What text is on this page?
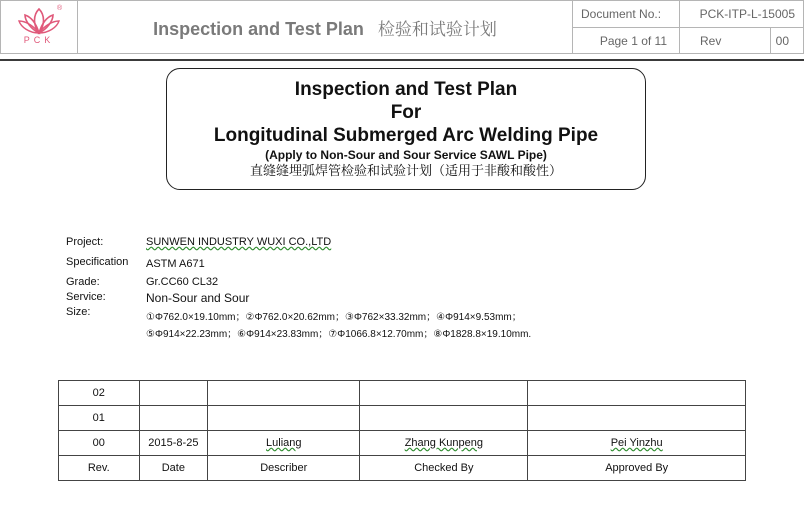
®
PCK	Inspection and Test Plan 检验和试验计划	Document No.:	PCK-ITP-L-15005	
		Page 1 of 11	Rev	00
Inspection and Test Plan
For
Longitudinal Submerged Arc Welding Pipe
(Apply to Non-Sour and Sour Service SAWL Pipe)
直缝缝埋弧焊管检验和试验计划（适用于非酸和酸性）
Project:	SUNWEN INDUSTRY WUXI CO.,LTD
Specification ASTM A671
Grade:	Gr.CC60 CL32
Service:	Non-Sour and Sour
Size:	①Φ762.0×19.10mm；②Φ762.0×20.62mm；③Φ762×33.32mm；④Φ914×9.53mm；
⑤Φ914×22.23mm；⑥Φ914×23.83mm；⑦Φ1066.8×12.70mm；⑧Φ1828.8×19.10mm.
02				
01				
00	2015-8-25	Luliang	Zhang Kunpeng	Pei Yinzhu
Rev.	Date	Describer	Checked By	Approved By
